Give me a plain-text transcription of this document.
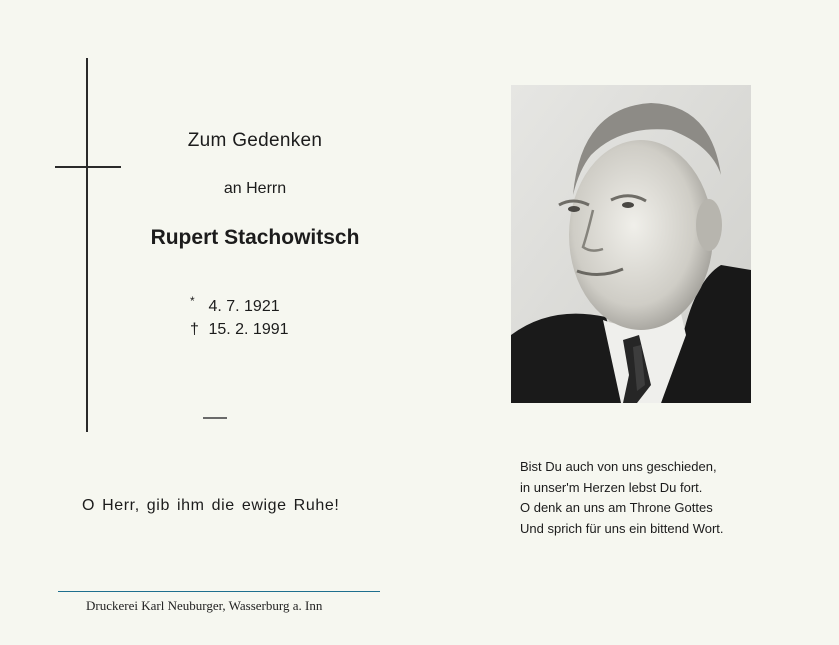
Zum Gedenken
an Herrn
Rupert Stachowitsch
* 4. 7. 1921
† 15. 2. 1991
O Herr, gib ihm die ewige Ruhe!
Druckerei Karl Neuburger, Wasserburg a. Inn
Bist Du auch von uns geschieden,
in unser'm Herzen lebst Du fort.
O denk an uns am Throne Gottes
Und sprich für uns ein bittend Wort.
